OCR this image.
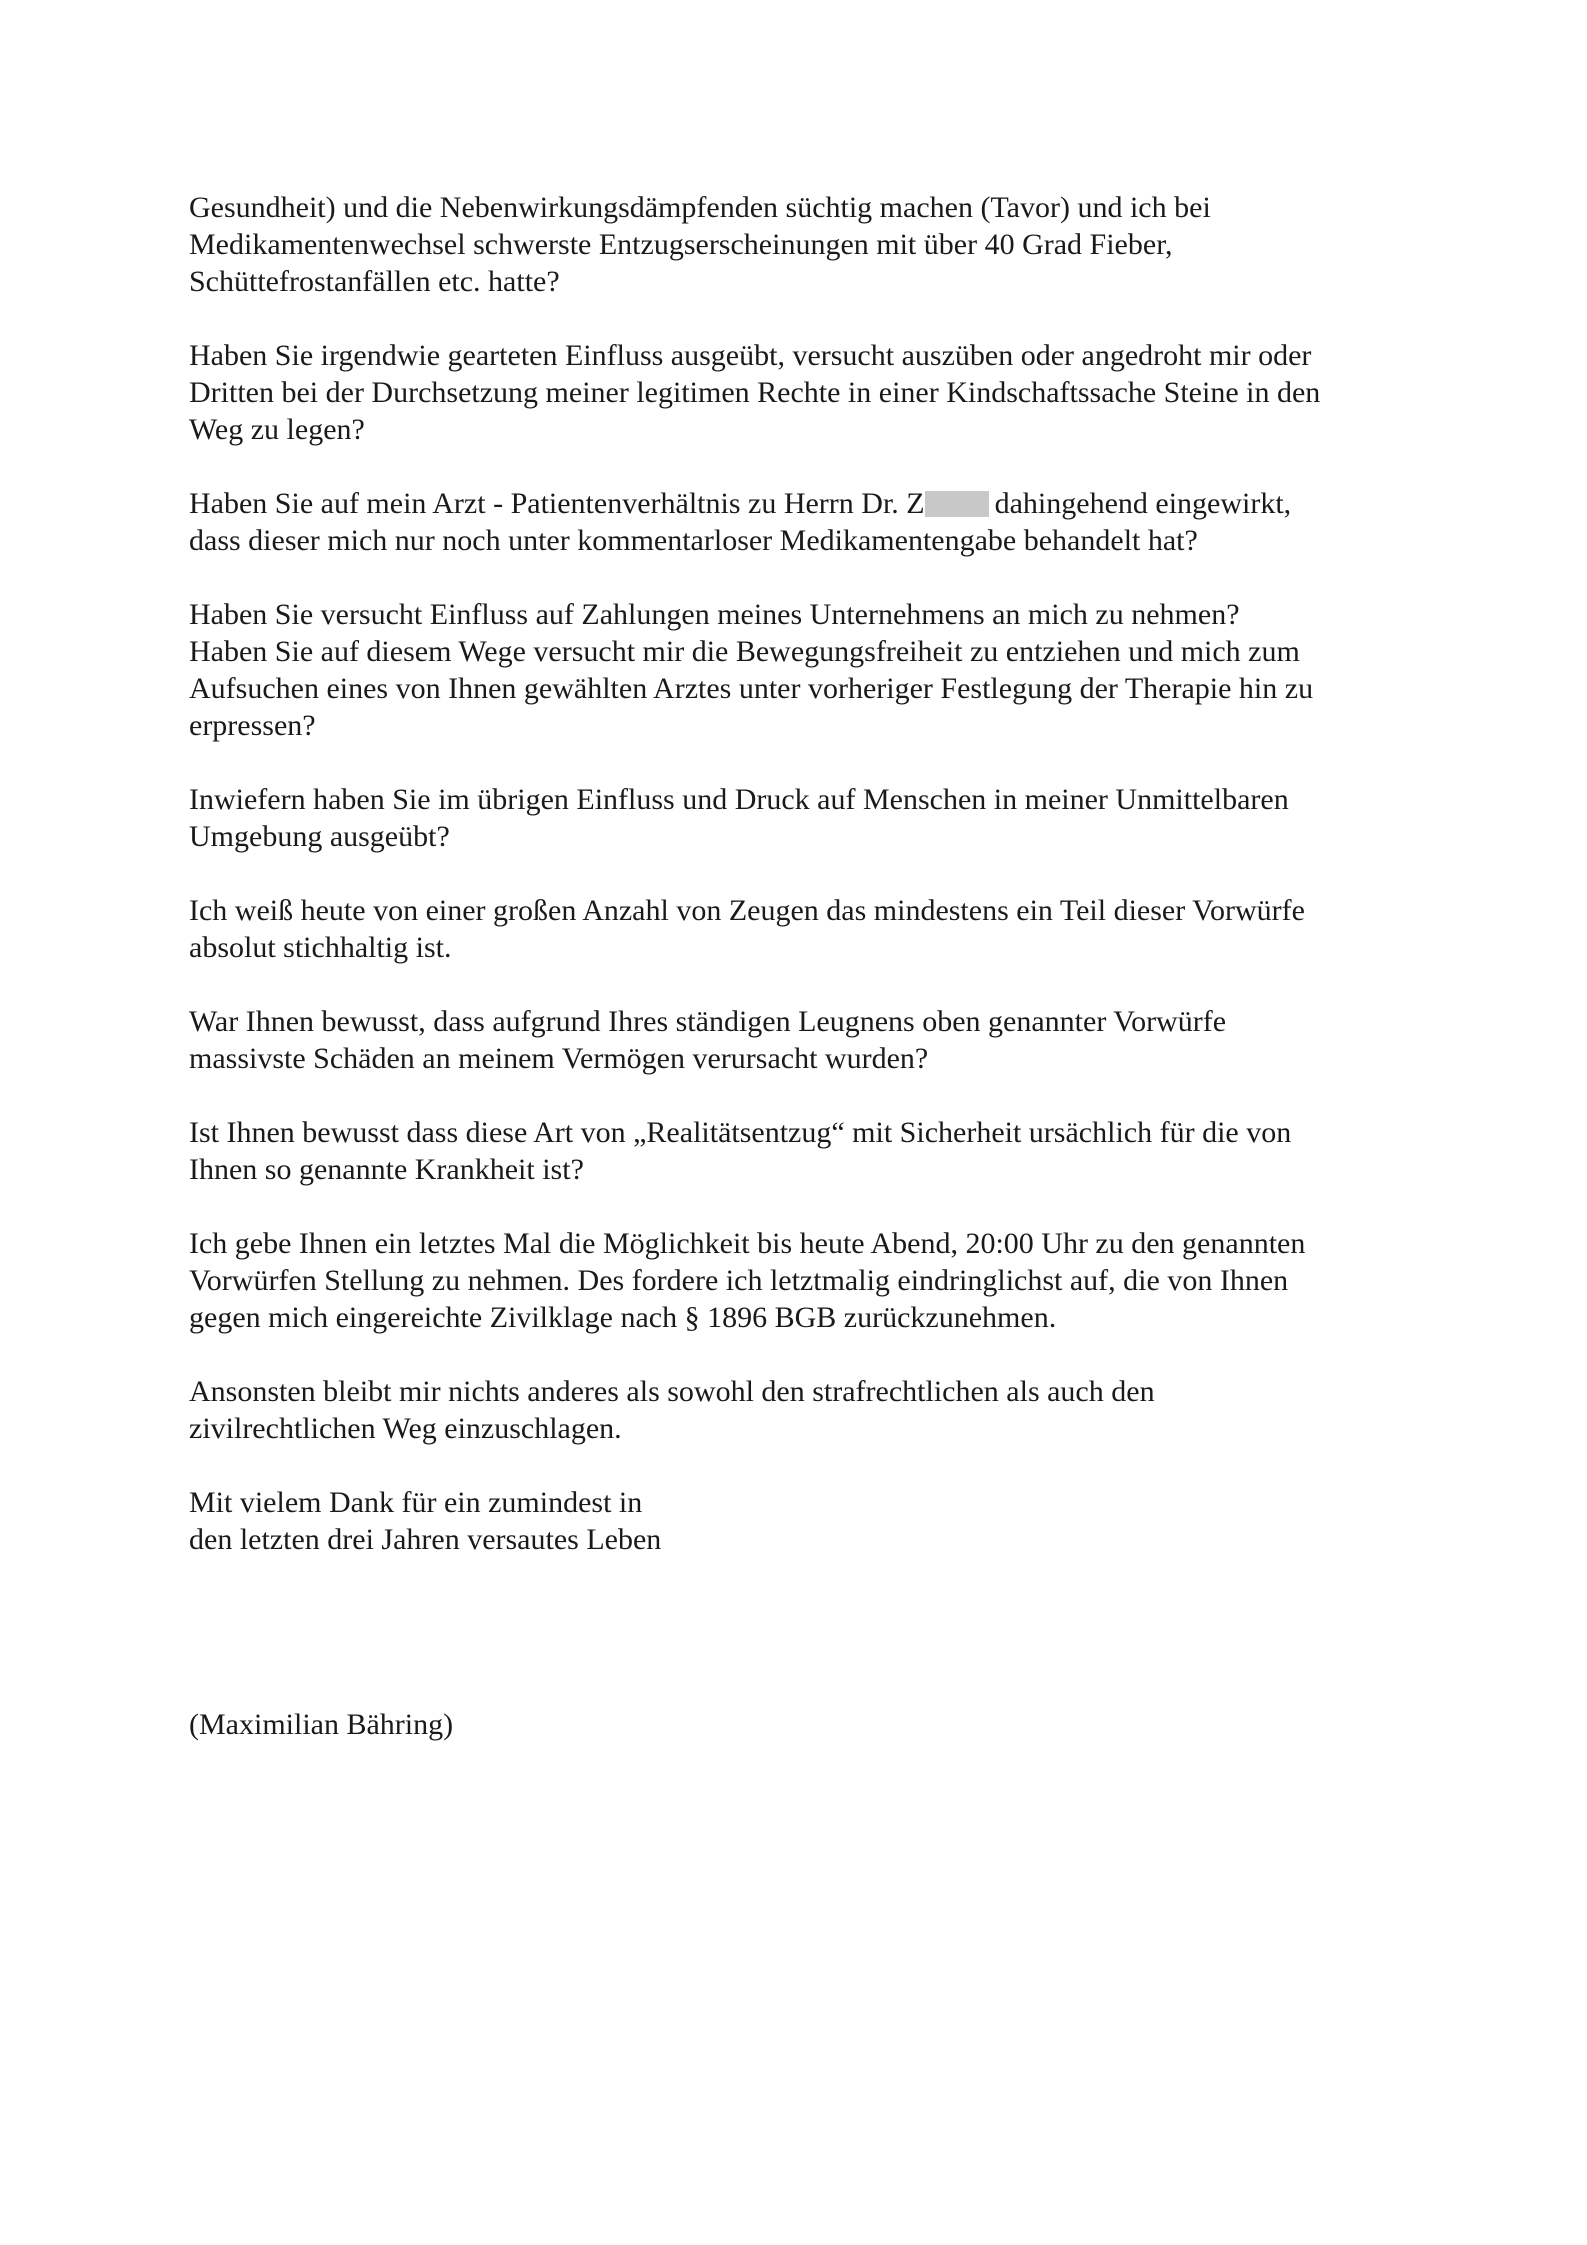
Gesundheit) und die Nebenwirkungsdämpfenden süchtig machen (Tavor) und ich bei
Medikamentenwechsel schwerste Entzugserscheinungen mit über 40 Grad Fieber,
Schüttefrostanfällen etc. hatte?

Haben Sie irgendwie gearteten Einfluss ausgeübt, versucht auszüben oder angedroht mir oder
Dritten bei der Durchsetzung meiner legitimen Rechte in einer Kindschaftssache Steine in den
Weg zu legen?

Haben Sie auf mein Arzt - Patientenverhältnis zu Herrn Dr. Z dahingehend eingewirkt,
dass dieser mich nur noch unter kommentarloser Medikamentengabe behandelt hat?

Haben Sie versucht Einfluss auf Zahlungen meines Unternehmens an mich zu nehmen?
Haben Sie auf diesem Wege versucht mir die Bewegungsfreiheit zu entziehen und mich zum
Aufsuchen eines von Ihnen gewählten Arztes unter vorheriger Festlegung der Therapie hin zu
erpressen?

Inwiefern haben Sie im übrigen Einfluss und Druck auf Menschen in meiner Unmittelbaren
Umgebung ausgeübt?

Ich weiß heute von einer großen Anzahl von Zeugen das mindestens ein Teil dieser Vorwürfe
absolut stichhaltig ist.

War Ihnen bewusst, dass aufgrund Ihres ständigen Leugnens oben genannter Vorwürfe
massivste Schäden an meinem Vermögen verursacht wurden?

Ist Ihnen bewusst dass diese Art von „Realitätsentzug“ mit Sicherheit ursächlich für die von
Ihnen so genannte Krankheit ist?

Ich gebe Ihnen ein letztes Mal die Möglichkeit bis heute Abend, 20:00 Uhr zu den genannten
Vorwürfen Stellung zu nehmen. Des fordere ich letztmalig eindringlichst auf, die von Ihnen
gegen mich eingereichte Zivilklage nach § 1896 BGB zurückzunehmen.

Ansonsten bleibt mir nichts anderes als sowohl den strafrechtlichen als auch den
zivilrechtlichen Weg einzuschlagen.

Mit vielem Dank für ein zumindest in
den letzten drei Jahren versautes Leben

(Maximilian Bähring)
